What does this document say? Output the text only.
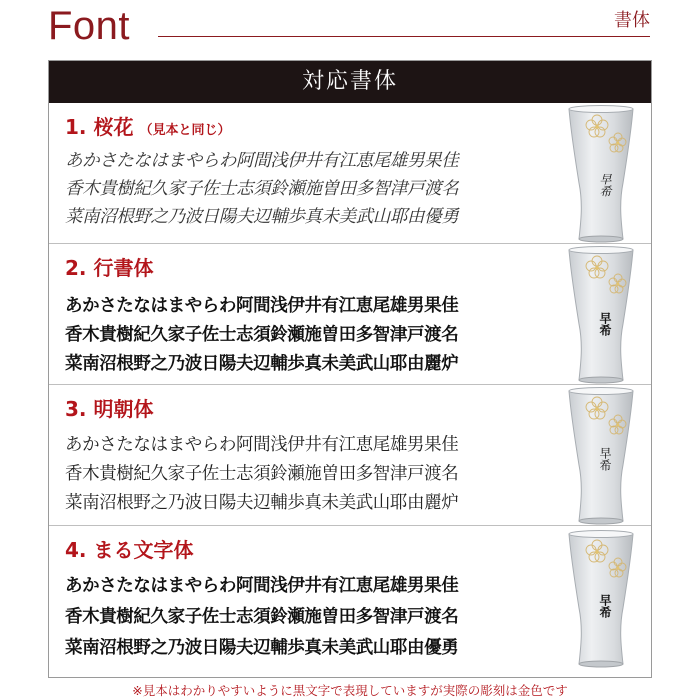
Font	書体
対応書体
1. 桜花 （見本と同じ）
あかさたなはまやらわ阿間浅伊井有江恵尾雄男果佳
香木貴樹紀久家子佐士志須鈴瀬施曽田多智津戸渡名
菜南沼根野之乃波日陽夫辺輔歩真未美武山耶由優勇
早希
2. 行書体
あかさたなはまやらわ阿間浅伊井有江恵尾雄男果佳
香木貴樹紀久家子佐士志須鈴瀬施曽田多智津戸渡名
菜南沼根野之乃波日陽夫辺輔歩真未美武山耶由麗炉
早希
3. 明朝体
あかさたなはまやらわ阿間浅伊井有江恵尾雄男果佳
香木貴樹紀久家子佐士志須鈴瀬施曽田多智津戸渡名
菜南沼根野之乃波日陽夫辺輔歩真未美武山耶由麗炉
早希
4. まる文字体
あかさたなはまやらわ阿間浅伊井有江恵尾雄男果佳
香木貴樹紀久家子佐士志須鈴瀬施曽田多智津戸渡名
菜南沼根野之乃波日陽夫辺輔歩真未美武山耶由優勇
早希
※見本はわかりやすいように黒文字で表現していますが実際の彫刻は金色です
